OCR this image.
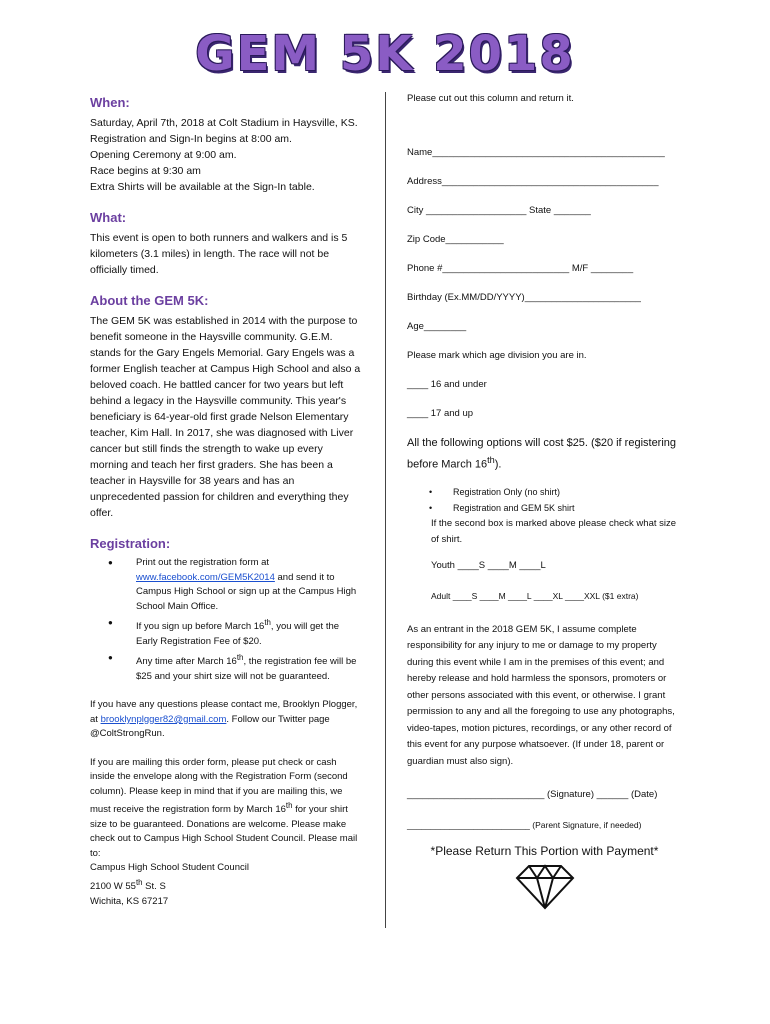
GEM 5K 2018
When:

Saturday, April 7th, 2018 at Colt Stadium in Haysville, KS.

Registration and Sign-In begins at 8:00 am.

Opening Ceremony at 9:00 am.

Race begins at 9:30 am

Extra Shirts will be available at the Sign-In table.

What:

This event is open to both runners and walkers and is 5 kilometers (3.1 miles) in length. The race will not be officially timed.

About the GEM 5K:

The GEM 5K was established in 2014 with the purpose to benefit someone in the Haysville community. G.E.M. stands for the Gary Engels Memorial. Gary Engels was a former English teacher at Campus High School and also a beloved coach. He battled cancer for two years but left behind a legacy in the Haysville community. This year's beneficiary is 64-year-old first grade Nelson Elementary teacher, Kim Hall. In 2017, she was diagnosed with Liver cancer but still finds the strength to wake up every morning and teach her first graders. She has been a teacher in Haysville for 38 years and has an unprecedented passion for children and everything they offer.

Registration:
● Print out the registration form at www.facebook.com/GEM5K2014 and send it to Campus High School or sign up at the Campus High School Main Office.
● If you sign up before March 16th, you will get the Early Registration Fee of $20.
● Any time after March 16th, the registration fee will be $25 and your shirt size will not be guaranteed.

If you have any questions please contact me, Brooklyn Plogger, at brooklynplgger82@gmail.com. Follow our Twitter page @ColtStrongRun.

If you are mailing this order form, please put check or cash inside the envelope along with the Registration Form (second column). Please keep in mind that if you are mailing this, we must receive the registration form by March 16th for your shirt size to be guaranteed. Donations are welcome. Please make check out to Campus High School Student Council. Please mail to:

Campus High School Student Council

2100 W 55th St. S

Wichita, KS 67217

Please cut out this column and return it.

Name____________________________________________

Address_________________________________________

City ___________________ State _______

Zip Code___________

Phone #________________________ M/F ________

Birthday (Ex.MM/DD/YYYY)______________________

Age________

Please mark which age division you are in.

____ 16 and under

____ 17 and up

All the following options will cost $25. ($20 if registering before March 16th).

• Registration Only (no shirt)
• Registration and GEM 5K shirt

If the second box is marked above please check what size of shirt.

Youth ____S ____M ____L

Adult ____S ____M ____L ____XL ____XXL ($1 extra)

As an entrant in the 2018 GEM 5K, I assume complete responsibility for any injury to me or damage to my property during this event while I am in the premises of this event; and hereby release and hold harmless the sponsors, promoters or other persons associated with this event, or otherwise. I grant permission to any and all the foregoing to use any photographs, video-tapes, motion pictures, recordings, or any other record of this event for any purpose whatsoever. (If under 18, parent or guardian must also sign).

__________________________ (Signature) ______ (Date)

__________________________ (Parent Signature, if needed)

*Please Return This Portion with Payment*
